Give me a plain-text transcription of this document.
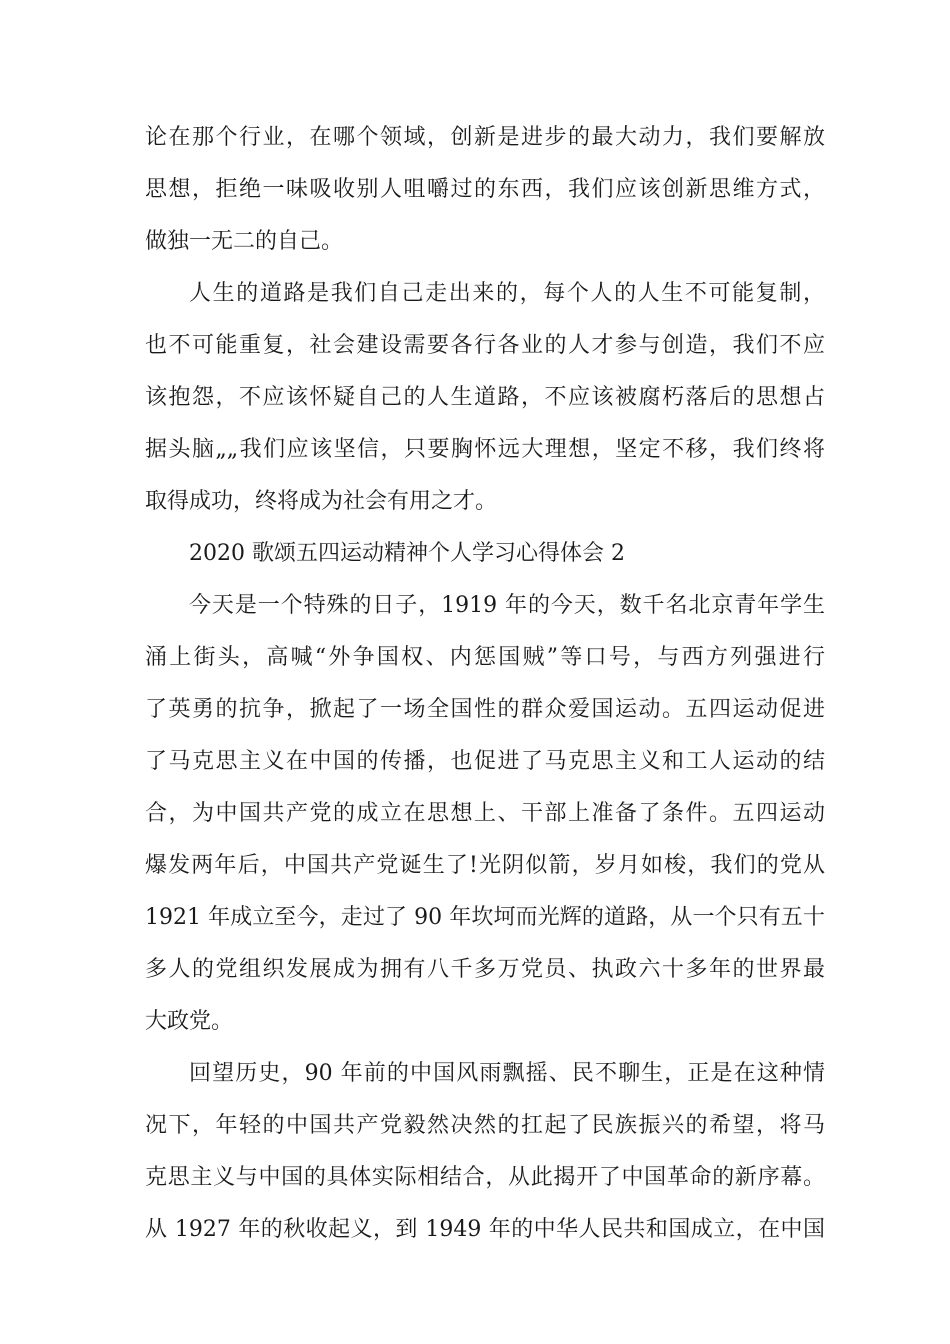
论在那个行业，在哪个领域，创新是进步的最大动力，我们要解放
思想，拒绝一味吸收别人咀嚼过的东西，我们应该创新思维方式，
做独一无二的自己。
人生的道路是我们自己走出来的，每个人的人生不可能复制，
也不可能重复，社会建设需要各行各业的人才参与创造，我们不应
该抱怨，不应该怀疑自己的人生道路，不应该被腐朽落后的思想占
据头脑„„我们应该坚信，只要胸怀远大理想，坚定不移，我们终将
取得成功，终将成为社会有用之才。
2020 歌颂五四运动精神个人学习心得体会 2
今天是一个特殊的日子，1919 年的今天，数千名北京青年学生
涌上街头，高喊“外争国权、内惩国贼”等口号，与西方列强进行
了英勇的抗争，掀起了一场全国性的群众爱国运动。五四运动促进
了马克思主义在中国的传播，也促进了马克思主义和工人运动的结
合，为中国共产党的成立在思想上、干部上准备了条件。五四运动
爆发两年后，中国共产党诞生了!光阴似箭，岁月如梭，我们的党从
1921 年成立至今，走过了 90 年坎坷而光辉的道路，从一个只有五十
多人的党组织发展成为拥有八千多万党员、执政六十多年的世界最
大政党。
回望历史，90 年前的中国风雨飘摇、民不聊生，正是在这种情
况下，年轻的中国共产党毅然决然的扛起了民族振兴的希望，将马
克思主义与中国的具体实际相结合，从此揭开了中国革命的新序幕。
从 1927 年的秋收起义，到 1949 年的中华人民共和国成立，在中国
